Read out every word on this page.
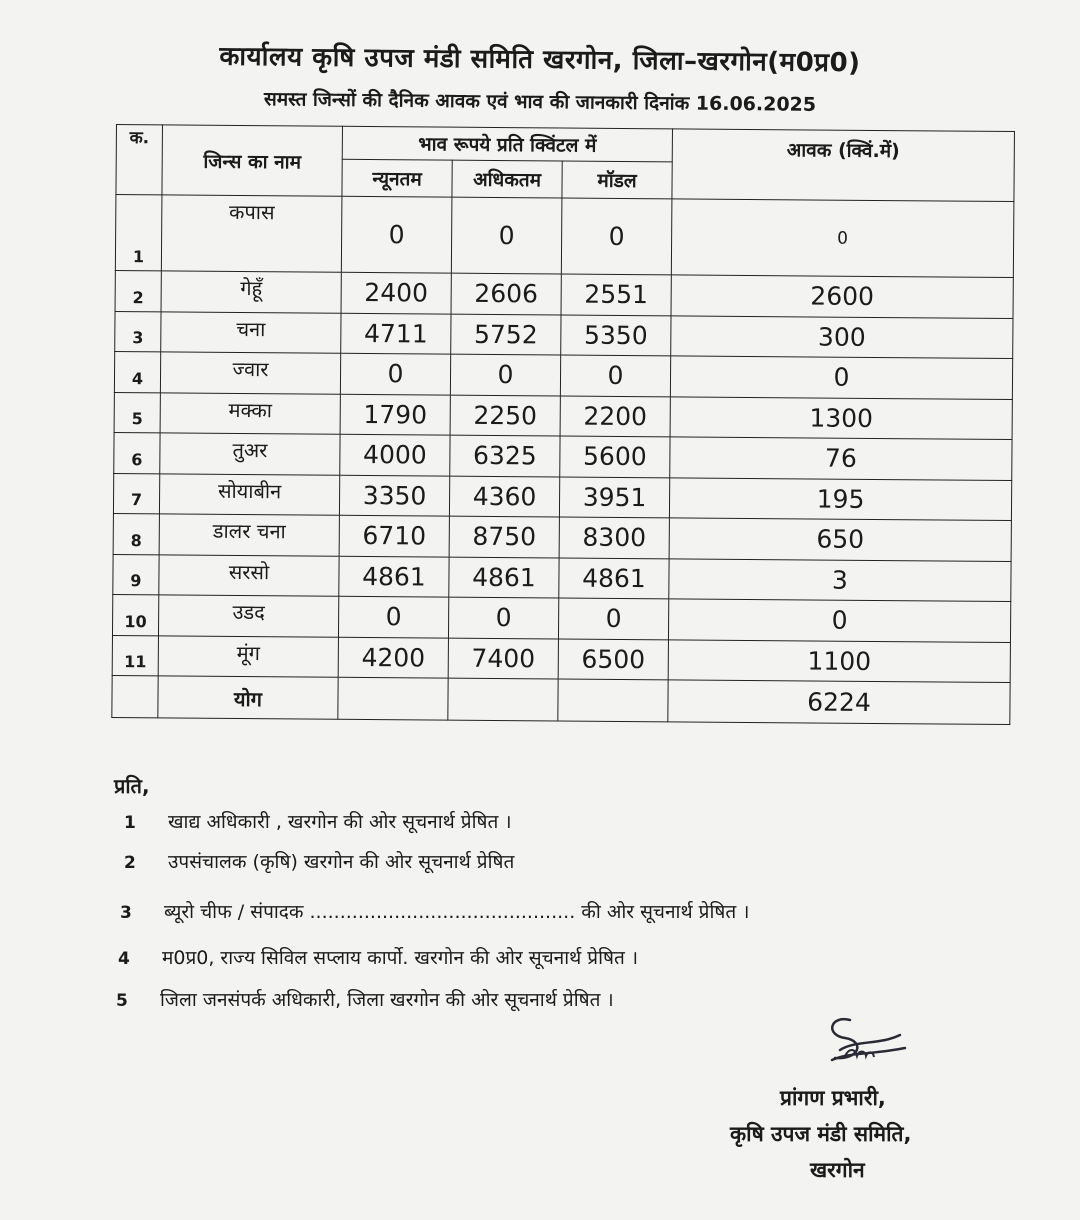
कार्यालय कृषि उपज मंडी समिति खरगोन, जिला–खरगोन(म0प्र0)
समस्त जिन्सों की दैनिक आवक एवं भाव की जानकारी दिनांक 16.06.2025
क.	जिन्स का नाम	भाव रूपये प्रति क्विंटल में			आवक (क्विं.में)
		न्यूनतम	अधिकतम	मॉडल	
1	कपास	0	0	0	0
2	गेहूँ	2400	2606	2551	2600
3	चना	4711	5752	5350	300
4	ज्वार	0	0	0	0
5	मक्का	1790	2250	2200	1300
6	तुअर	4000	6325	5600	76
7	सोयाबीन	3350	4360	3951	195
8	डालर चना	6710	8750	8300	650
9	सरसो	4861	4861	4861	3
10	उडद	0	0	0	0
11	मूंग	4200	7400	6500	1100
	योग				6224
प्रति,
1 खाद्य अधिकारी , खरगोन की ओर सूचनार्थ प्रेषित ।
2 उपसंचालक (कृषि) खरगोन की ओर सूचनार्थ प्रेषित
3 ब्यूरो चीफ / संपादक ............................................ की ओर सूचनार्थ प्रेषित ।
4 म0प्र0, राज्य सिविल सप्लाय कार्पो. खरगोन की ओर सूचनार्थ प्रेषित ।
5 जिला जनसंपर्क अधिकारी, जिला खरगोन की ओर सूचनार्थ प्रेषित ।
प्रांगण प्रभारी,
कृषि उपज मंडी समिति,
खरगोन
